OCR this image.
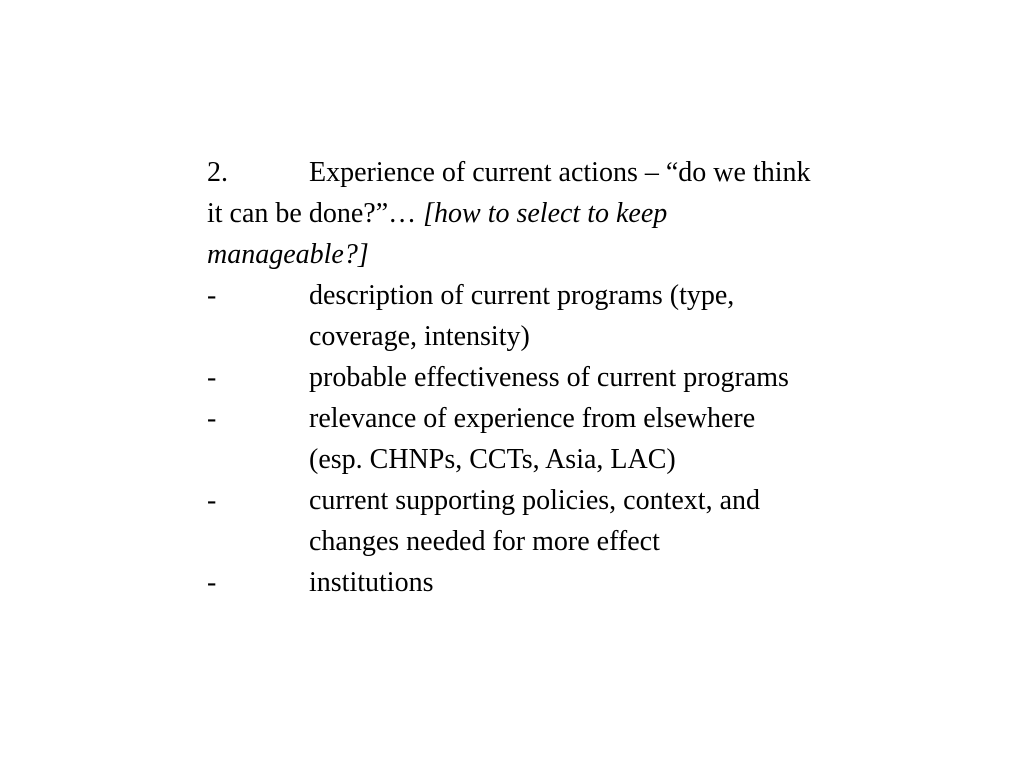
2.	Experience of current actions – “do we think
it can be done?”… [how to select to keep
manageable?]
-	description of current programs (type,
coverage, intensity)
-	probable effectiveness of current programs
-	relevance of experience from elsewhere
(esp. CHNPs, CCTs, Asia, LAC)
-	current supporting policies, context, and
changes needed for more effect
-	institutions
